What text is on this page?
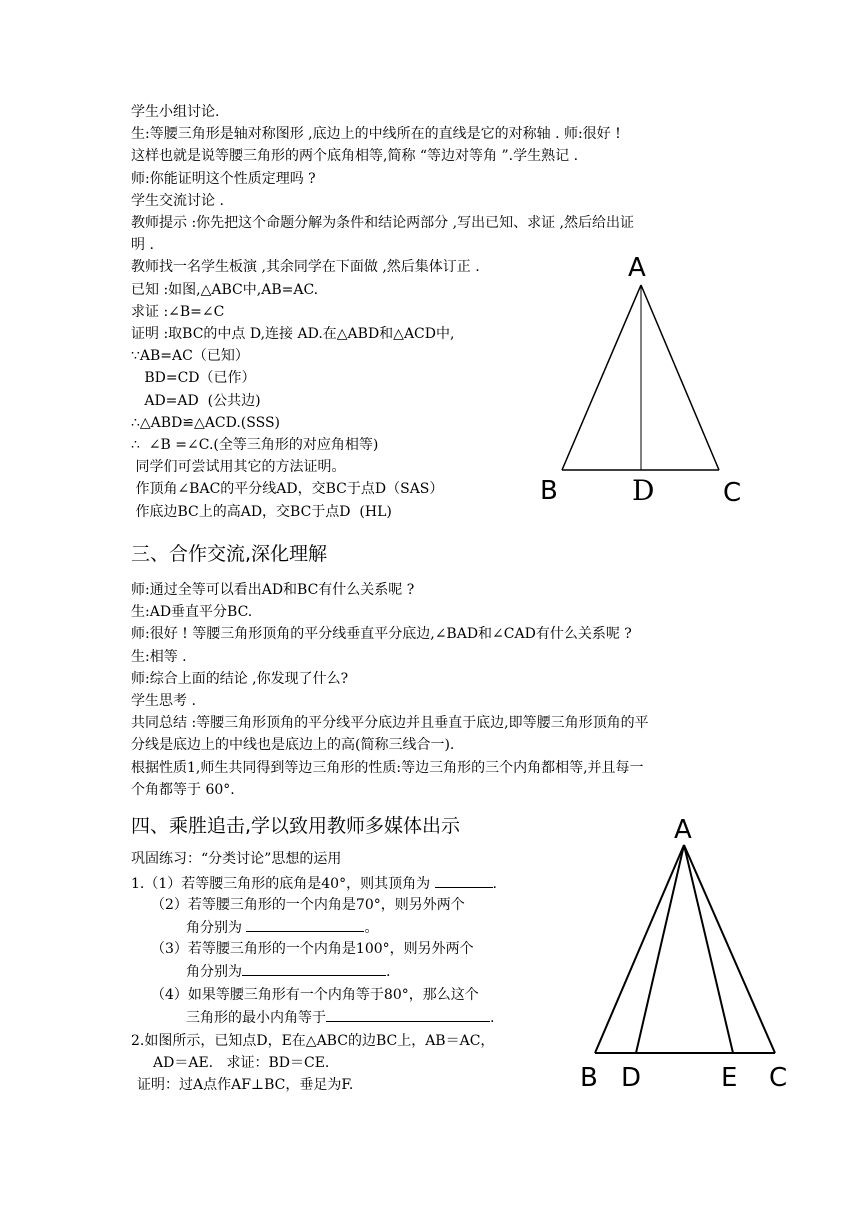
学生小组讨论.
生:等腰三角形是轴对称图形 ,底边上的中线所在的直线是它的对称轴 . 师:很好 !
这样也就是说等腰三角形的两个底角相等,简称 “等边对等角 ”.学生熟记 .
师:你能证明这个性质定理吗 ?
学生交流讨论 .
教师提示 :你先把这个命题分解为条件和结论两部分 ,写出已知、求证 ,然后给出证
明 .
教师找一名学生板演 ,其余同学在下面做 ,然后集体订正 .
已知 :如图,△ABC中,AB=AC.
求证 :∠B=∠C
证明 :取BC的中点 D,连接 AD.在△ABD和△ACD中,
∵AB=AC（已知）
BD=CD（已作）
AD=AD  (公共边)
∴△ABD≌△ACD.(SSS)
∴  ∠B =∠C.(全等三角形的对应角相等)
同学们可尝试用其它的方法证明。
作顶角∠BAC的平分线AD，交BC于点D（SAS）
作底边BC上的高AD，交BC于点D  (HL)
三、合作交流,深化理解
师:通过全等可以看出AD和BC有什么关系呢 ?
生:AD垂直平分BC.
师:很好 ! 等腰三角形顶角的平分线垂直平分底边,∠BAD和∠CAD有什么关系呢 ?
生:相等 .
师:综合上面的结论 ,你发现了什么?
学生思考 .
共同总结 :等腰三角形顶角的平分线平分底边并且垂直于底边,即等腰三角形顶角的平
分线是底边上的中线也是底边上的高(简称三线合一).
根据性质1,师生共同得到等边三角形的性质:等边三角形的三个内角都相等,并且每一
个角都等于 60°.
四、乘胜追击,学以致用教师多媒体出示
巩固练习：“分类讨论”思想的运用
1.（1）若等腰三角形的底角是40°，则其顶角为	.
（2）若等腰三角形的一个内角是70°，则另外两个
角分别为	。
（3）若等腰三角形的一个内角是100°，则另外两个
角分别为	.
（4）如果等腰三角形有一个内角等于80°，那么这个
三角形的最小内角等于	.
2.如图所示，已知点D，E在△ABC的边BC上，AB＝AC，
AD＝AE.   求证：BD＝CE.
证明：过A点作AF⊥BC，垂足为F.
A
B	C
D
A
B D	E C
